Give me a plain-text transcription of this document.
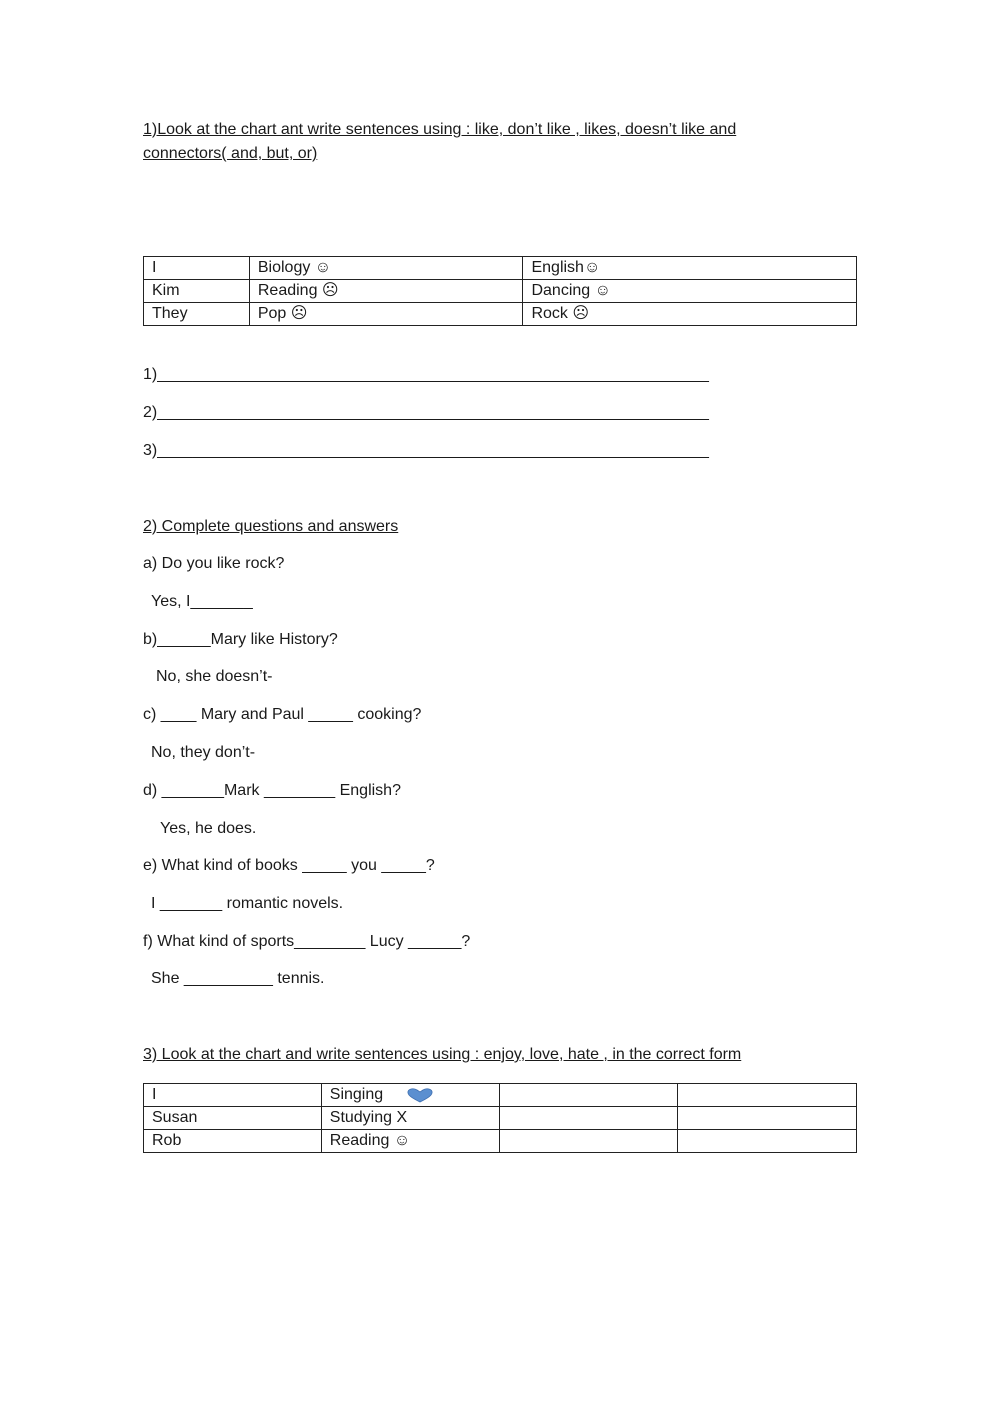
1)Look at the chart ant write sentences using : like, don’t like , likes, doesn’t like and
connectors( and, but, or)
I	Biology ☺	English☺
Kim	Reading ☹	Dancing ☺
They	Pop ☹	Rock ☹
1)______________________________________________________________
2)______________________________________________________________
3)______________________________________________________________
2) Complete questions and answers
a) Do you like rock?
Yes, I_______
b)______Mary like History?
No, she doesn’t-
c) ____ Mary and Paul _____ cooking?
No, they don’t-
d) _______Mark ________ English?
Yes, he does.
e) What kind of books _____ you _____?
I _______ romantic novels.
f) What kind of sports________ Lucy ______?
She __________ tennis.
3) Look at the chart and write sentences using : enjoy, love, hate , in the correct form
I	Singing		
Susan	Studying X		
Rob	Reading ☺		
